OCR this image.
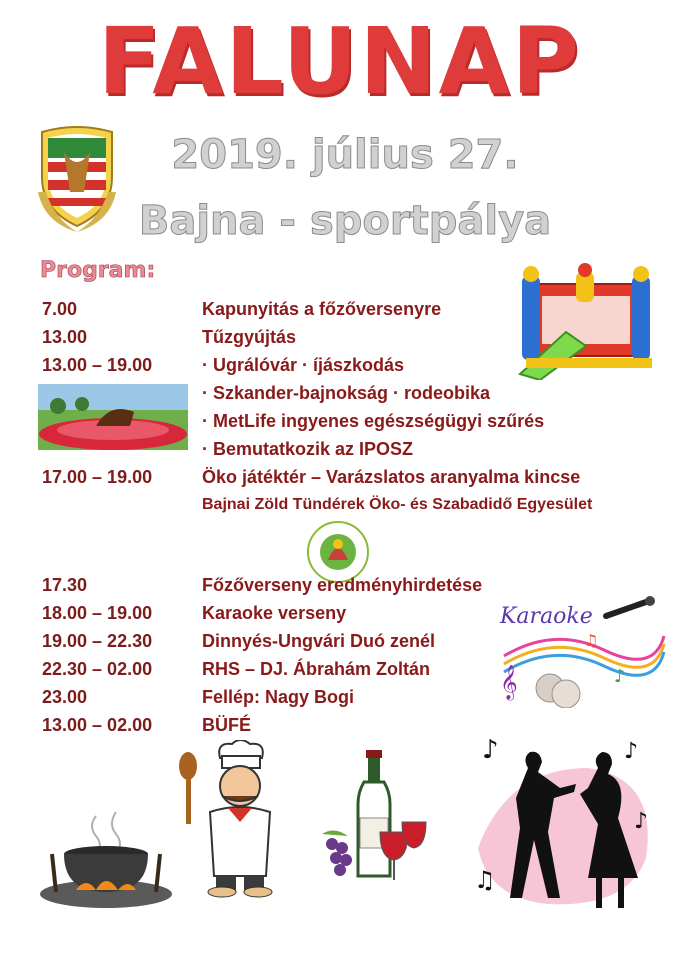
FALUNAP
2019. július 27.
Bajna - sportpálya
Program:
7.00	Kapunyitás a főzőversenyre
13.00	Tűzgyújtás
13.00 – 19.00	· Ugrálóvár · íjászkodás
· Szkander-bajnokság · rodeobika
· MetLife ingyenes egészségügyi szűrés
· Bemutatkozik az IPOSZ
17.00 – 19.00	Öko játéktér – Varázslatos aranyalma kincse
Bajnai Zöld Tündérek Öko- és Szabadidő Egyesület
17.30	Főzőverseny eredményhirdetése
18.00 – 19.00	Karaoke verseny
19.00 – 22.30	Dinnyés-Ungvári Duó zenél
22.30 – 02.00	RHS – DJ. Ábrahám Zoltán
23.00	Fellép: Nagy Bogi
13.00 – 02.00	BÜFÉ
Karaoke
𝄞	♪
♫
♪	♪
♫
♪
